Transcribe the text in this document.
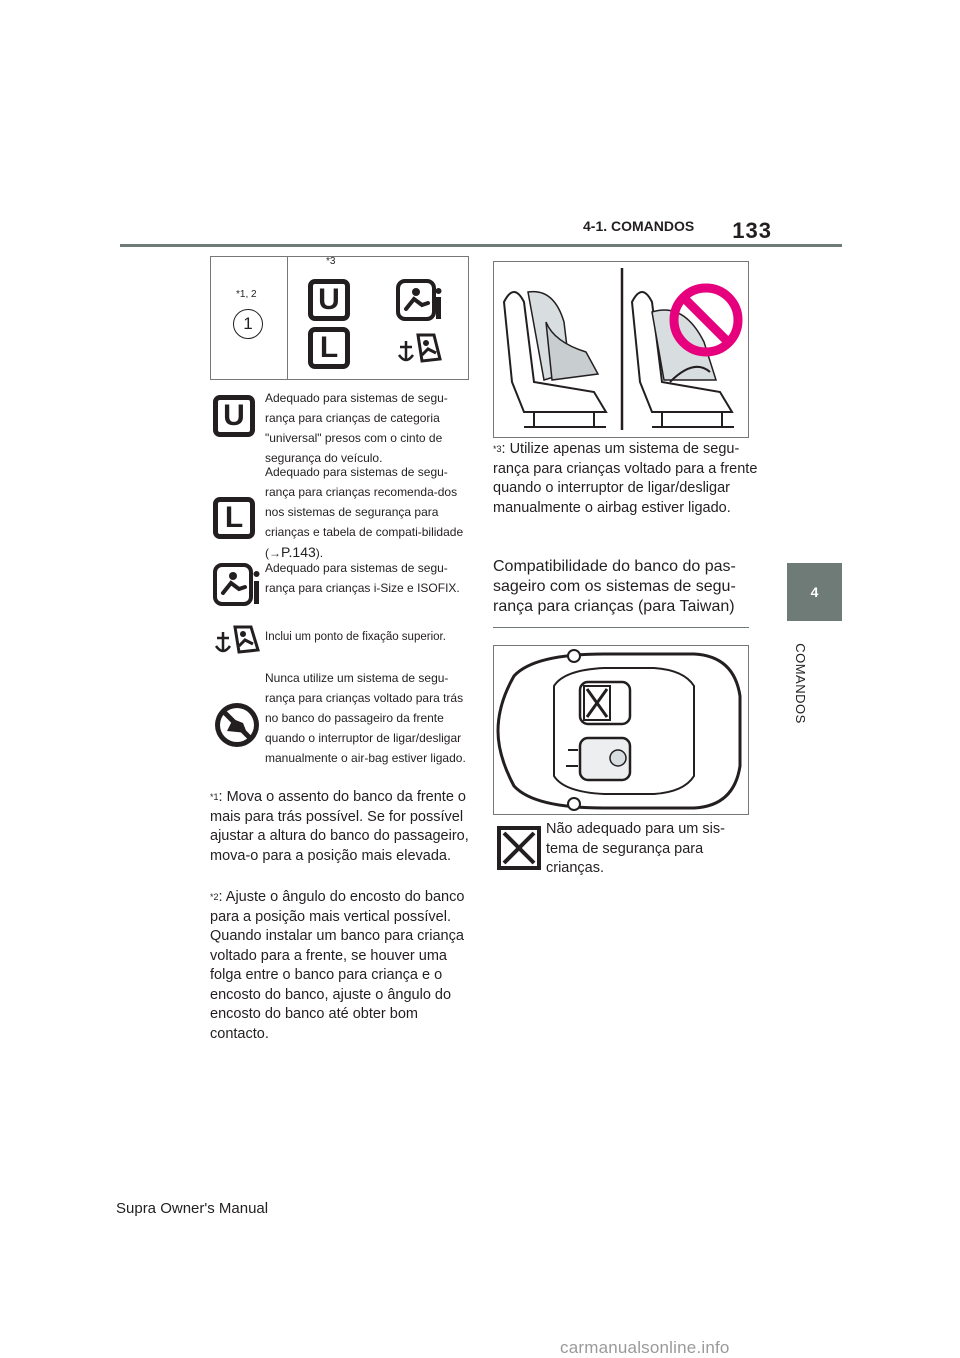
4-1. COMANDOS	133
4
COMANDOS
*1, 2
1
*3
U
L
U
Adequado para sistemas de segu-rança para crianças de categoria "universal" presos com o cinto de segurança do veículo.
L
Adequado para sistemas de segu-rança para crianças recomenda-dos nos sistemas de segurança para crianças e tabela de compati-bilidade (→P.143).
Adequado para sistemas de segu-rança para crianças i-Size e ISOFIX.
Inclui um ponto de fixação superior.
Nunca utilize um sistema de segu-rança para crianças voltado para trás no banco do passageiro da frente quando o interruptor de ligar/desligar manualmente o air-bag estiver ligado.
$^{*1}$: Mova o assento do banco da frente o mais para trás possível. Se for possível ajustar a altura do banco do passageiro, mova-o para a posição mais elevada.
$^{*2}$: Ajuste o ângulo do encosto do banco para a posição mais vertical possível. Quando instalar um banco para criança voltado para a frente, se houver uma folga entre o banco para criança e o encosto do banco, ajuste o ângulo do encosto do banco até obter bom contacto.
$^{*3}$: Utilize apenas um sistema de segu-rança para crianças voltado para a frente quando o interruptor de ligar/desligar manualmente o airbag estiver ligado.
Compatibilidade do banco do pas-sageiro com os sistemas de segu-rança para crianças (para Taiwan)
Não adequado para um sis-tema de segurança para crianças.
Supra Owner's Manual
carmanualsonline.info
